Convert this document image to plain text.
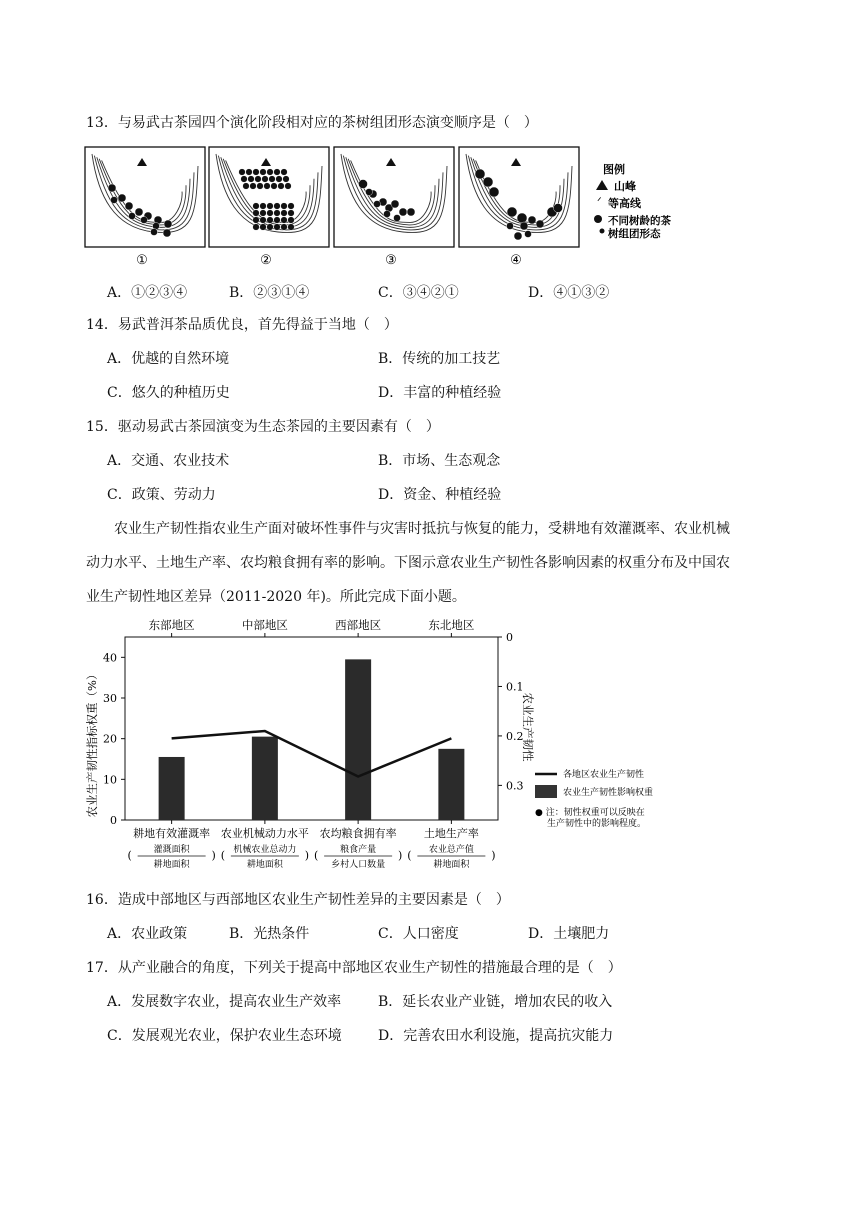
13．与易武古茶园四个演化阶段相对应的茶树组团形态演变顺序是（　）
①	②	③	④
图例
山峰
ᐟ 等高线
不同树龄的茶
树组团形态
A．①②③④	B．②③①④	C．③④②①	D．④①③②
14．易武普洱茶品质优良，首先得益于当地（　）
A．优越的自然环境	B．传统的加工技艺
C．悠久的种植历史	D．丰富的种植经验
15．驱动易武古茶园演变为生态茶园的主要因素有（　）
A．交通、农业技术	B．市场、生态观念
C．政策、劳动力	D．资金、种植经验
农业生产韧性指农业生产面对破坏性事件与灾害时抵抗与恢复的能力，受耕地有效灌溉率、农业机械
动力水平、土地生产率、农均粮食拥有率的影响。下图示意农业生产韧性各影响因素的权重分布及中国农
业生产韧性地区差异（2011-2020 年)。所此完成下面小题。
农业生产韧性指标权重（%）	农业生产韧性
各地区农业生产韧性
农业生产韧性影响权重
● 注：韧性权重可以反映在
生产韧性中的影响程度。
0
10
20
30
40
0
0.1
0.2
0.3
东部地区	中部地区	西部地区	东北地区
耕地有效灌溉率
( 灌溉面积
耕地面积
)
农业机械动力水平
( 机械农业总动力
耕地面积
)
农均粮食拥有率
( 粮食产量
乡村人口数量
)
土地生产率
( 农业总产值
耕地面积
)
16．造成中部地区与西部地区农业生产韧性差异的主要因素是（　）
A．农业政策	B．光热条件	C．人口密度	D．土壤肥力
17．从产业融合的角度，下列关于提高中部地区农业生产韧性的措施最合理的是（　）
A．发展数字农业，提高农业生产效率	B．延长农业产业链，增加农民的收入
C．发展观光农业，保护农业生态环境	D．完善农田水利设施，提高抗灾能力
